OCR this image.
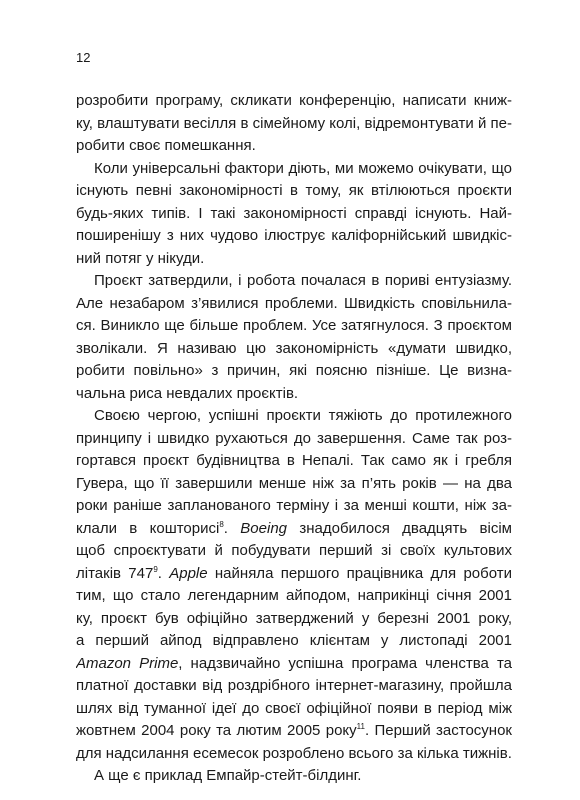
12
розробити програму, скликати конференцію, написати книж-
ку, влаштувати весілля в сімейному колі, відремонтувати й пе-
робити своє помешкання.
Коли універсальні фактори діють, ми можемо очікувати, що
існують певні закономірності в тому, як втілюються проєкти
будь-яких типів. І такі закономірності справді існують. Най-
поширенішу з них чудово ілюструє каліфорнійський швидкіс-
ний потяг у нікуди.
Проєкт затвердили, і робота почалася в пориві ентузіазму.
Але незабаром з’явилися проблеми. Швидкість сповільнила-
ся. Виникло ще більше проблем. Усе затягнулося. З проєктом
зволікали. Я називаю цю закономірність «думати швидко,
робити повільно» з причин, які поясню пізніше. Це визна-
чальна риса невдалих проєктів.
Своєю чергою, успішні проєкти тяжіють до протилежного
принципу і швидко рухаються до завершення. Саме так роз-
гортався проєкт будівництва в Непалі. Так само як і гребля
Гувера, що її завершили менше ніж за п’ять років — на два
роки раніше запланованого терміну і за менші кошти, ніж за-
клали в кошторисі$^8$. Boeing знадобилося двадцять вісім
щоб спроєктувати й побудувати перший зі своїх культових
літаків $747^9$. Apple найняла першого працівника для роботи
тим, що стало легендарним айподом, наприкінці січня 2001
ку, проєкт був офіційно затверджений у березні 2001 року,
а перший айпод відправлено клієнтам у листопаді 2001
Amazon Prime, надзвичайно успішна програма членства та
платної доставки від роздрібного інтернет-магазину, пройшла
шлях від туманної ідеї до своєї офіційної появи в період між
жовтнем 2004 року та лютим 2005 року$^{11}$. Перший застосунок
для надсилання есемесок розроблено всього за кілька тижнів.
А ще є приклад Емпайр-стейт-білдинг.
